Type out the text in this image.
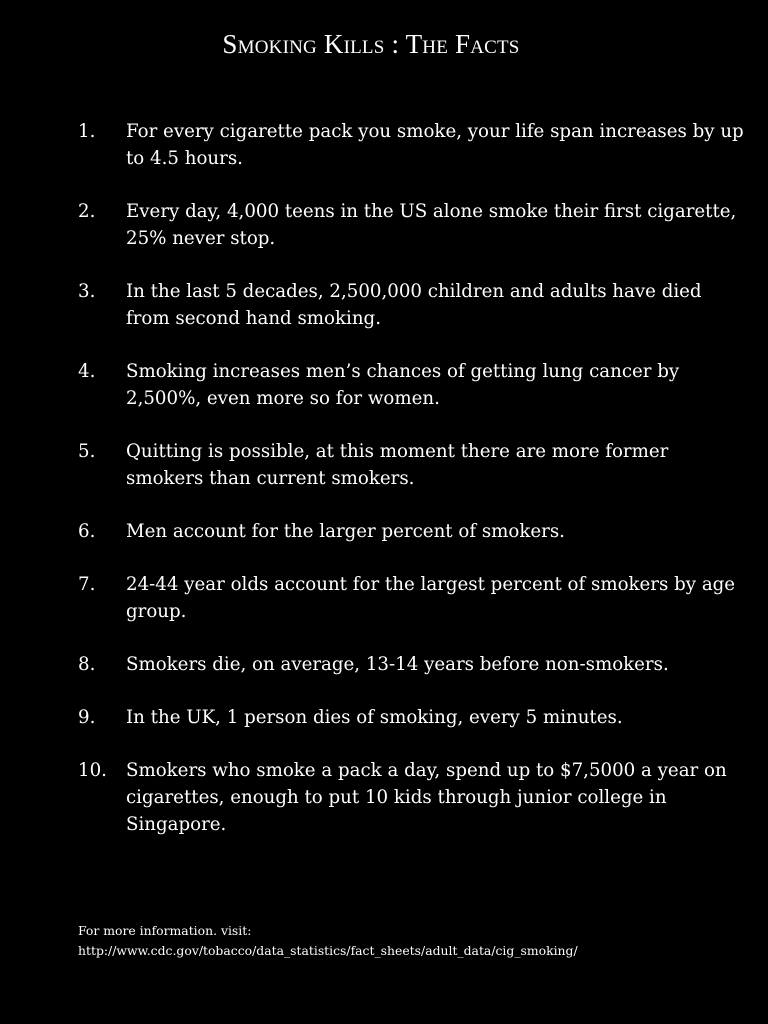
Smoking Kills : The Facts
1.	For every cigarette pack you smoke, your life span increases by up to 4.5 hours.
2.	Every day, 4,000 teens in the US alone smoke their first cigarette, 25% never stop.
3.	In the last 5 decades, 2,500,000 children and adults have died from second hand smoking.
4.	Smoking increases men’s chances of getting lung cancer by 2,500%, even more so for women.
5.	Quitting is possible, at this moment there are more former smokers than current smokers.
6.	Men account for the larger percent of smokers.
7.	24-44 year olds account for the largest percent of smokers by age group.
8.	Smokers die, on average, 13-14 years before non-smokers.
9.	In the UK, 1 person dies of smoking, every 5 minutes.
10.	Smokers who smoke a pack a day, spend up to $7,5000 a year on cigarettes, enough to put 10 kids through junior college in Singapore.
For more information. visit:
http://www.cdc.gov/tobacco/data_statistics/fact_sheets/adult_data/cig_smoking/
